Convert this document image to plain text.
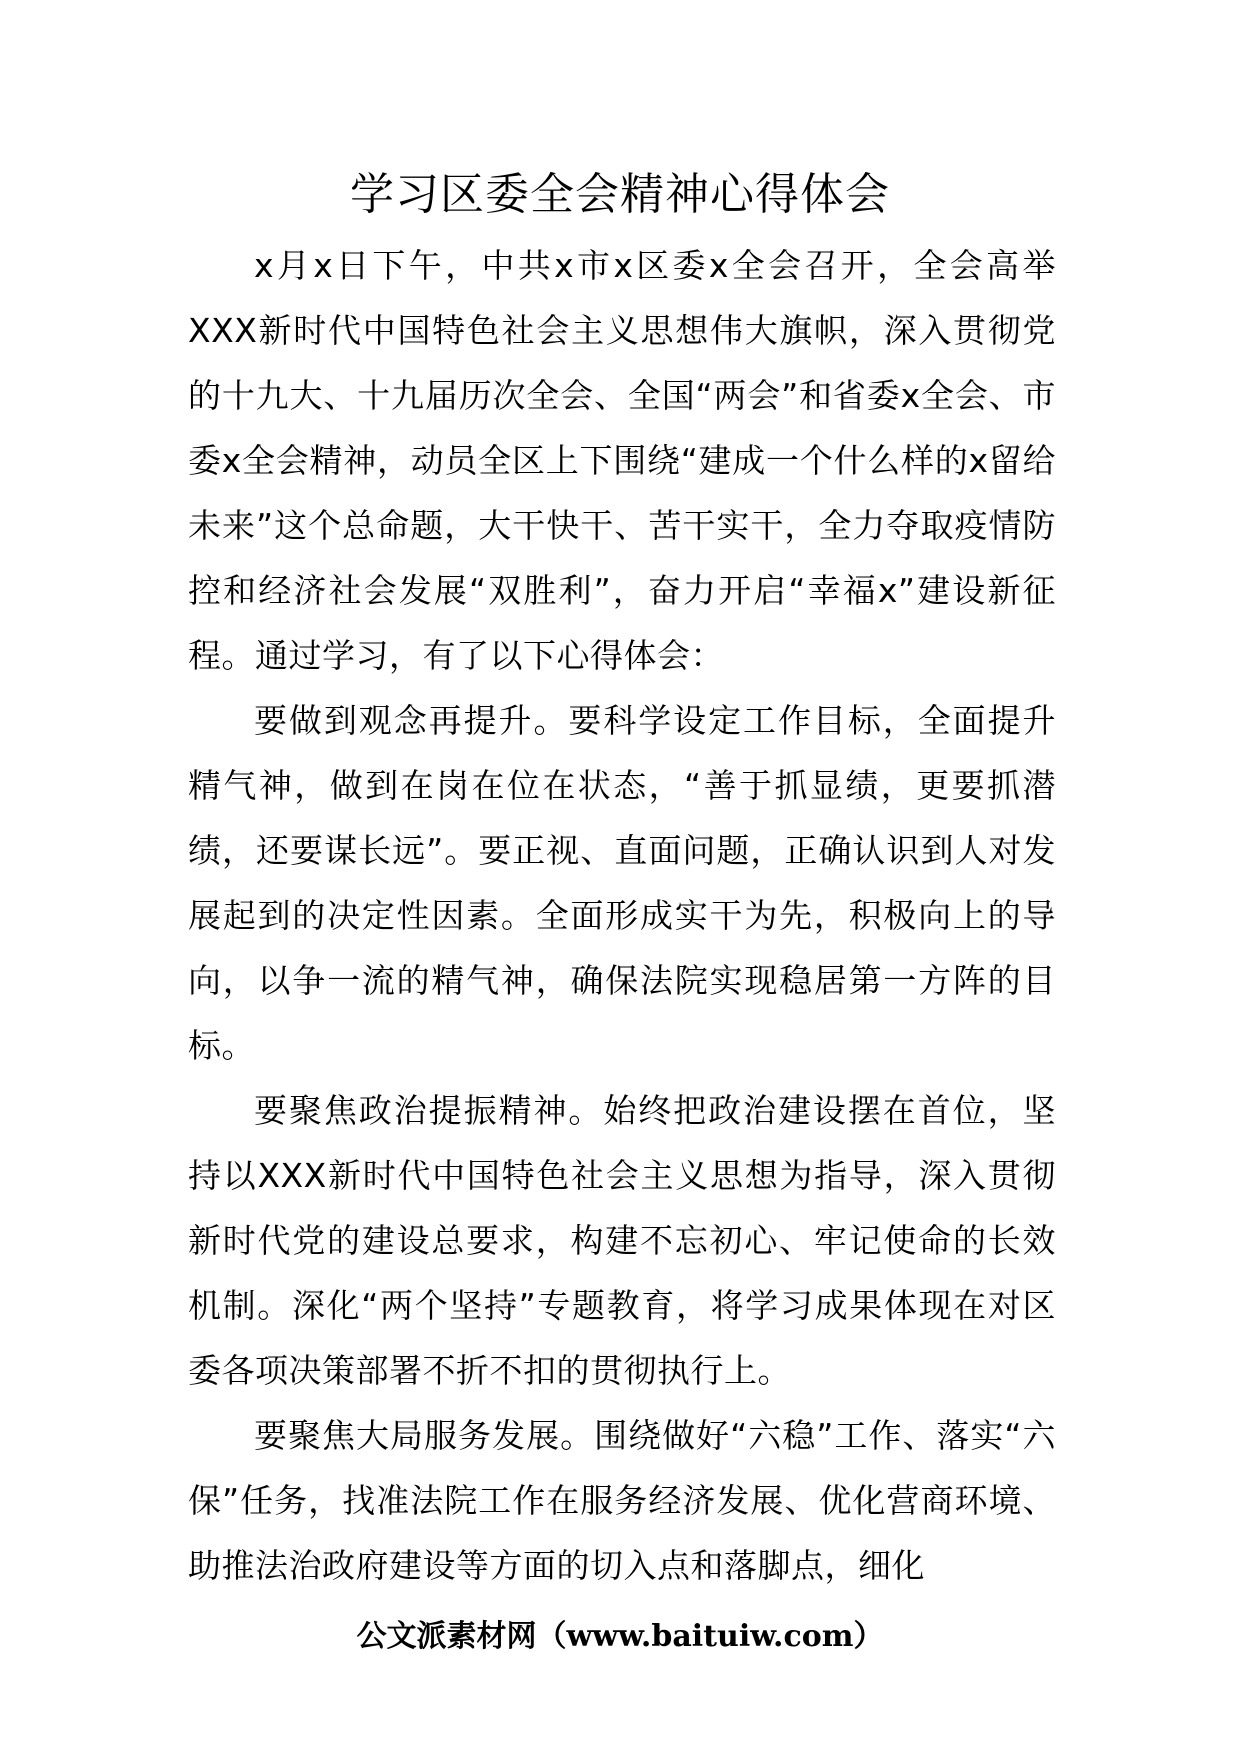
学习区委全会精神心得体会

x月x日下午，中共x市x区委x全会召开，全会高举XXX新时代中国特色社会主义思想伟大旗帜，深入贯彻党的十九大、十九届历次全会、全国“两会”和省委x全会、市委x全会精神，动员全区上下围绕“建成一个什么样的x留给未来”这个总命题，大干快干、苦干实干，全力夺取疫情防控和经济社会发展“双胜利”，奋力开启“幸福x”建设新征程。通过学习，有了以下心得体会：

要做到观念再提升。要科学设定工作目标，全面提升精气神，做到在岗在位在状态，“善于抓显绩，更要抓潜绩，还要谋长远”。要正视、直面问题，正确认识到人对发展起到的决定性因素。全面形成实干为先，积极向上的导向，以争一流的精气神，确保法院实现稳居第一方阵的目标。

要聚焦政治提振精神。始终把政治建设摆在首位，坚持以XXX新时代中国特色社会主义思想为指导，深入贯彻新时代党的建设总要求，构建不忘初心、牢记使命的长效机制。深化“两个坚持”专题教育，将学习成果体现在对区委各项决策部署不折不扣的贯彻执行上。

要聚焦大局服务发展。围绕做好“六稳”工作、落实“六保”任务，找准法院工作在服务经济发展、优化营商环境、助推法治政府建设等方面的切入点和落脚点，细化

公文派素材网（www.baituiw.com）
